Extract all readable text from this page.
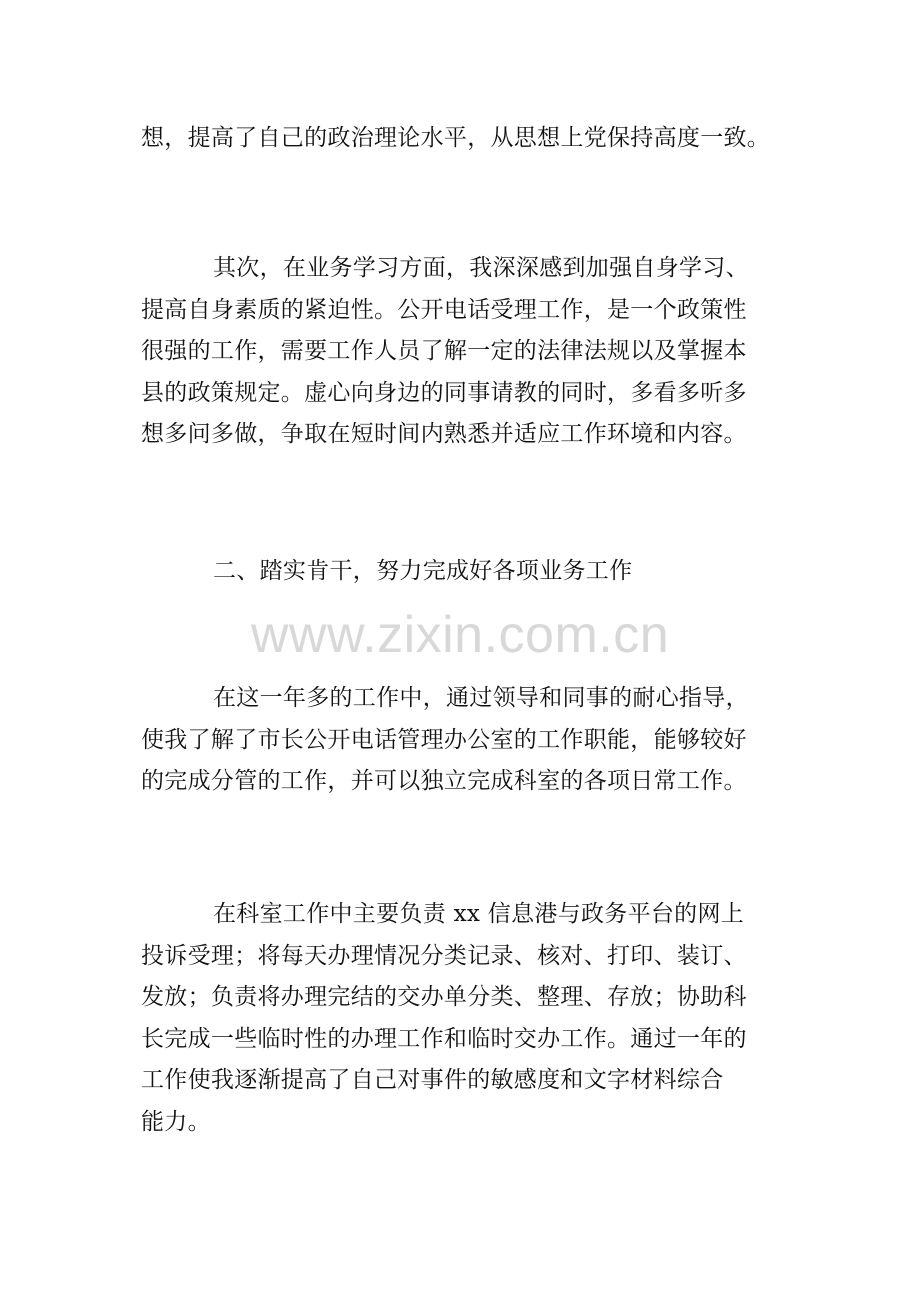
想，提高了自己的政治理论水平，从思想上党保持高度一致。
其次，在业务学习方面，我深深感到加强自身学习、
提高自身素质的紧迫性。公开电话受理工作，是一个政策性
很强的工作，需要工作人员了解一定的法律法规以及掌握本
县的政策规定。虚心向身边的同事请教的同时，多看多听多
想多问多做，争取在短时间内熟悉并适应工作环境和内容。
二、踏实肯干，努力完成好各项业务工作
www.zixin.com.cn
在这一年多的工作中，通过领导和同事的耐心指导，
使我了解了市长公开电话管理办公室的工作职能，能够较好
的完成分管的工作，并可以独立完成科室的各项日常工作。
在科室工作中主要负责 xx 信息港与政务平台的网上
投诉受理；将每天办理情况分类记录、核对、打印、装订、
发放；负责将办理完结的交办单分类、整理、存放；协助科
长完成一些临时性的办理工作和临时交办工作。通过一年的
工作使我逐渐提高了自己对事件的敏感度和文字材料综合
能力。
